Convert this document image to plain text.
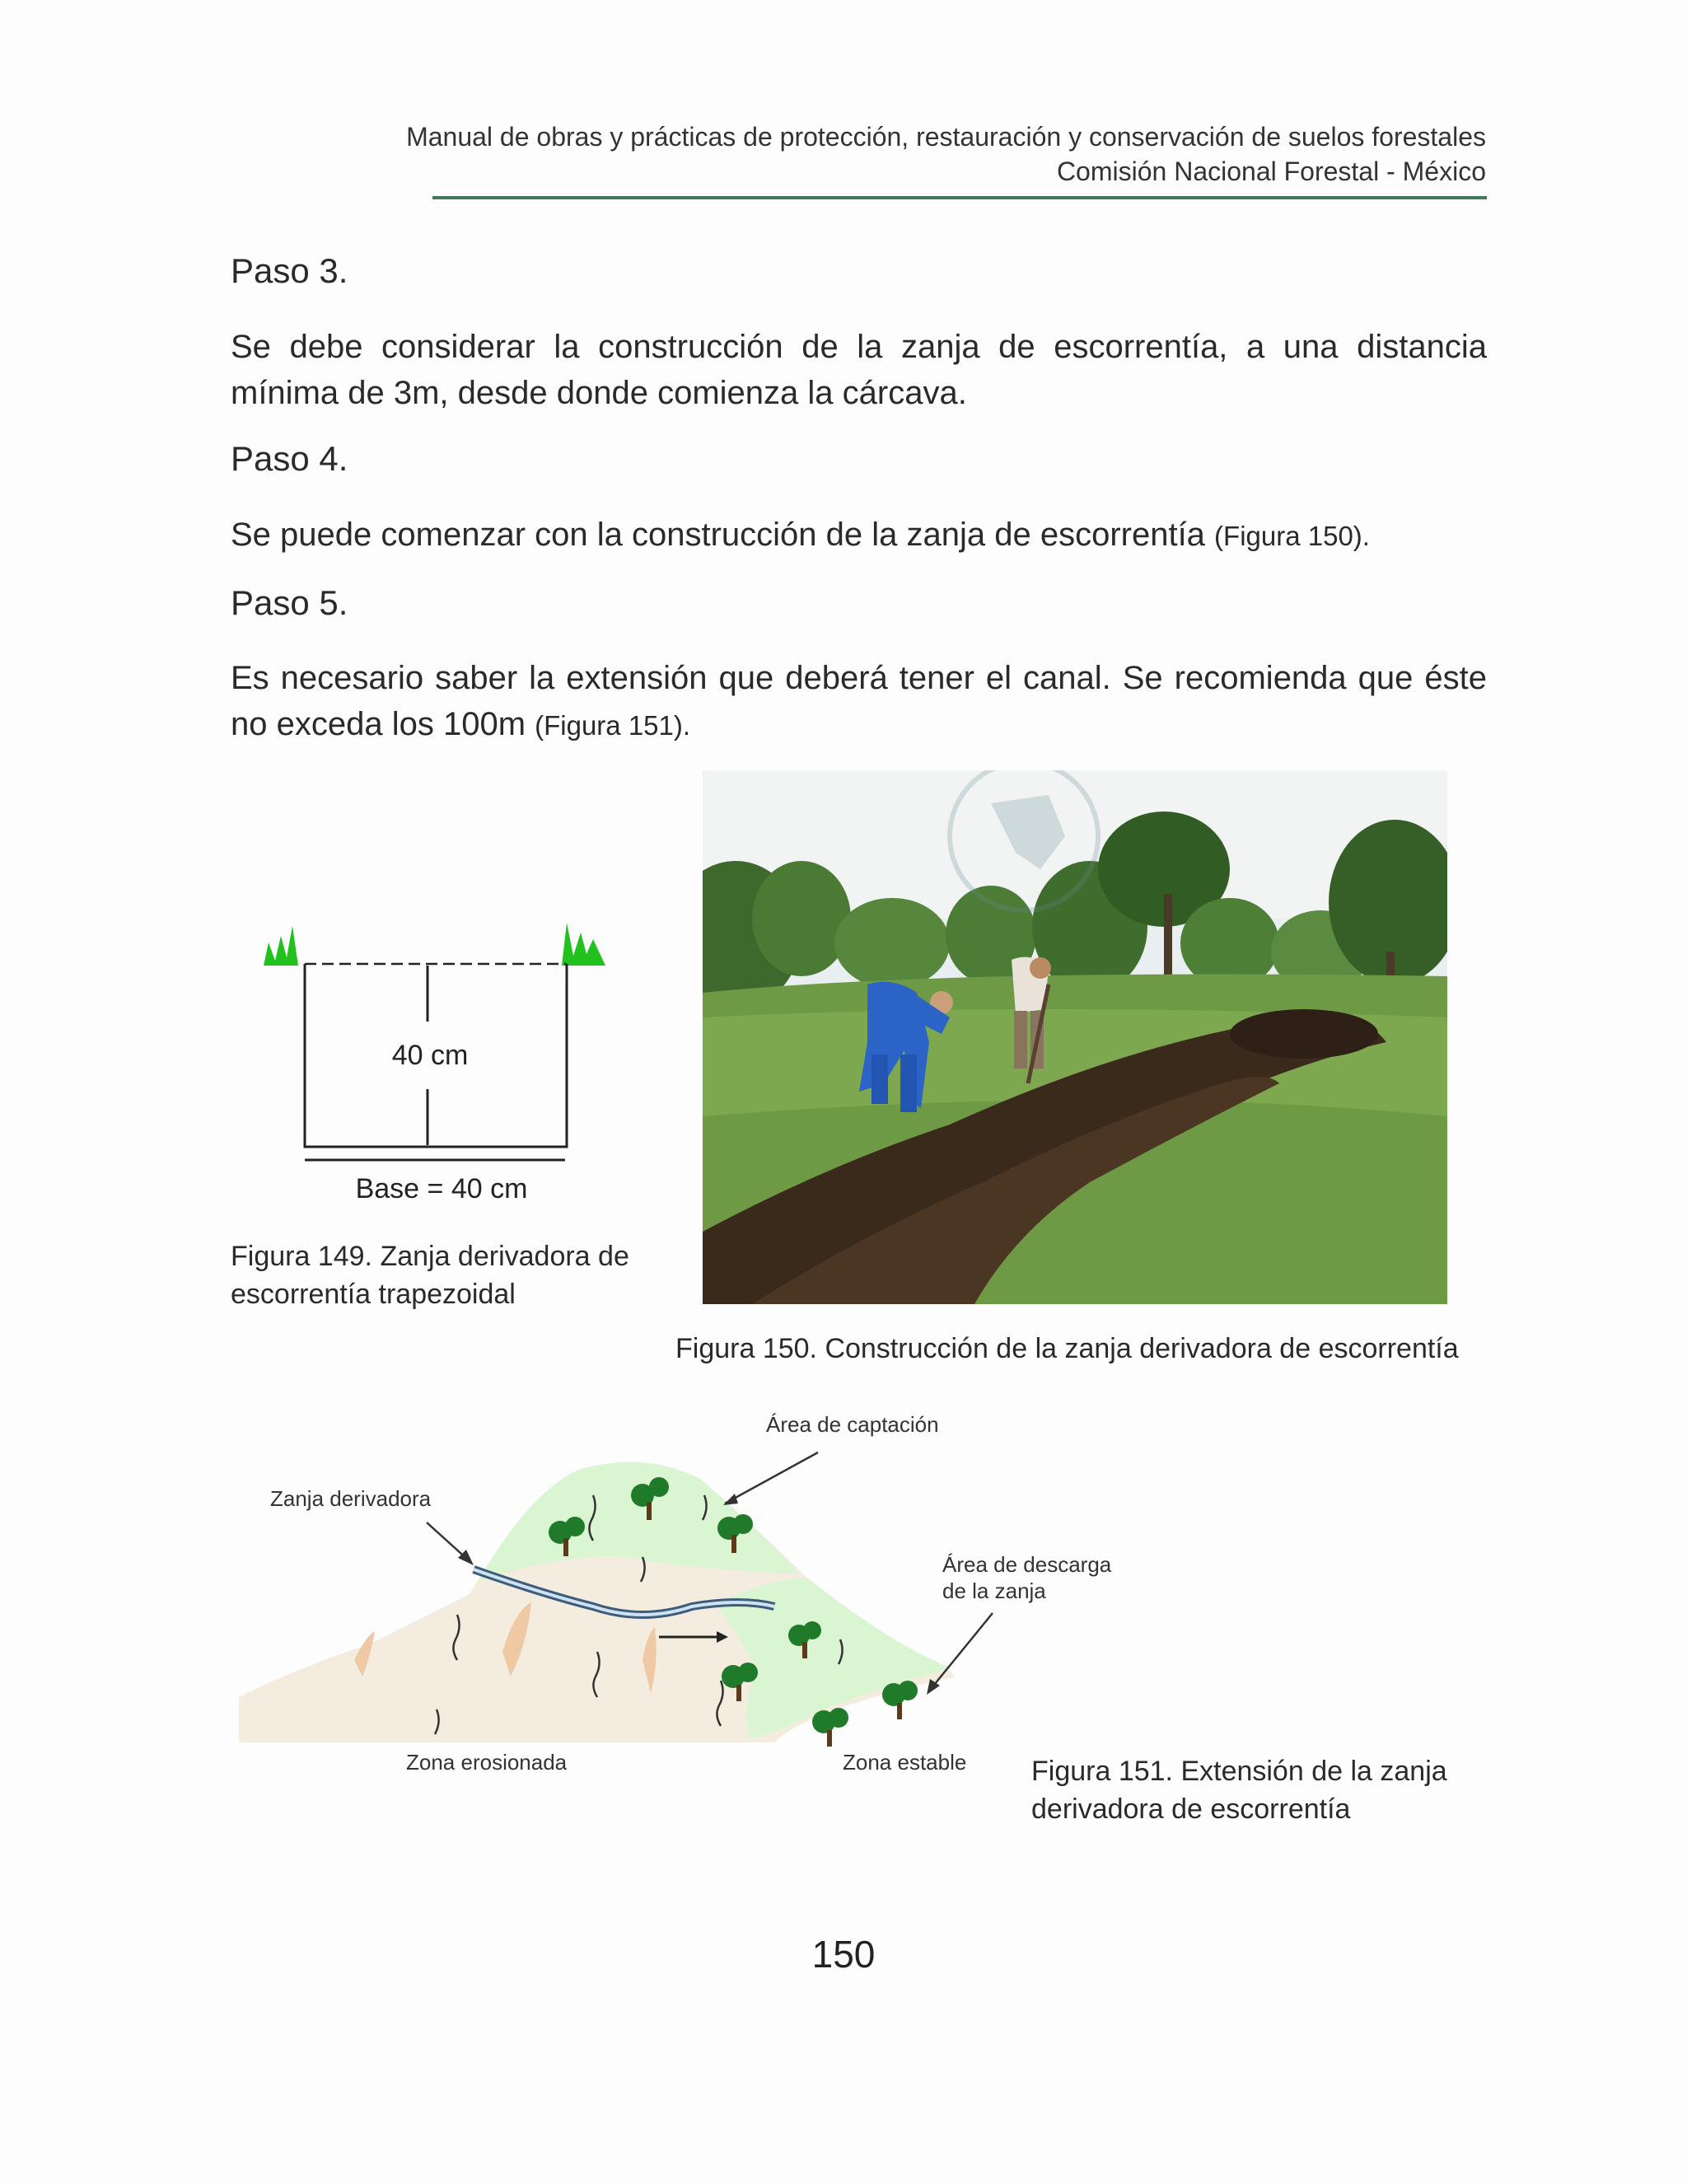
Manual de obras y prácticas de protección, restauración y conservación de suelos forestales
Comisión Nacional Forestal - México
Paso 3.
Se debe considerar la construcción de la zanja de escorrentía, a una distancia mínima de 3m, desde donde comienza la cárcava.
Paso 4.
Se puede comenzar con la construcción de la zanja de escorrentía (Figura 150).
Paso 5.
Es necesario saber la extensión que deberá tener el canal. Se recomienda que éste no exceda los 100m (Figura 151).
40 cm
Base = 40 cm
Figura 149. Zanja derivadora de escorrentía trapezoidal
Figura 150. Construcción de la zanja derivadora de escorrentía
Área de captación
Zanja derivadora
Área de descarga
de la zanja
Zona erosionada	Zona estable Figura 151. Extensión de la zanja derivadora de escorrentía
150
